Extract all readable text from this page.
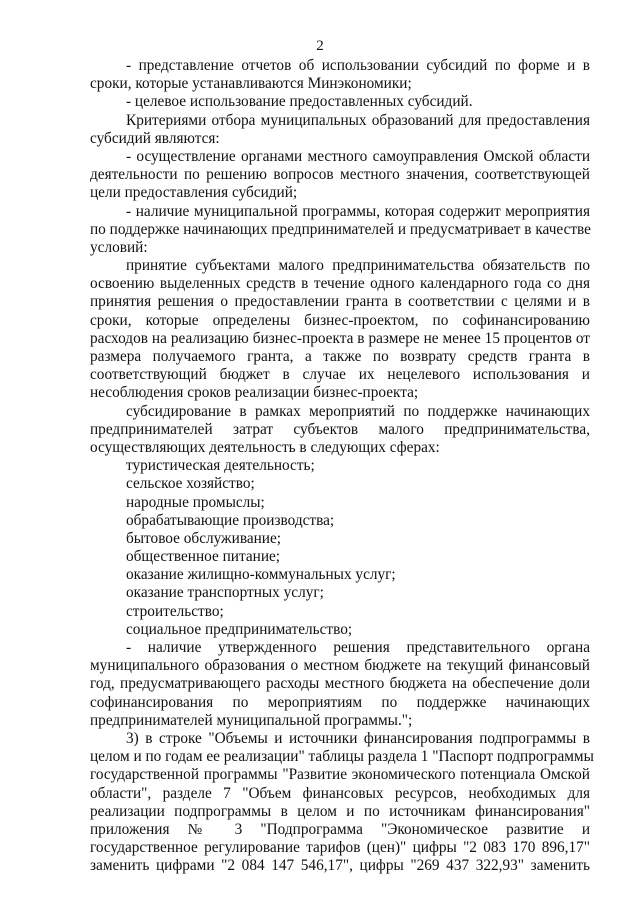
2
- представление отчетов об использовании субсидий по форме и в
сроки, которые устанавливаются Минэкономики;
- целевое использование предоставленных субсидий.
Критериями отбора муниципальных образований для предоставления
субсидий являются:
- осуществление органами местного самоуправления Омской области
деятельности по решению вопросов местного значения, соответствующей
цели предоставления субсидий;
- наличие муниципальной программы, которая содержит мероприятия
по поддержке начинающих предпринимателей и предусматривает в качестве
условий:
принятие субъектами малого предпринимательства обязательств по
освоению выделенных средств в течение одного календарного года со дня
принятия решения о предоставлении гранта в соответствии с целями и в
сроки, которые определены бизнес-проектом, по софинансированию
расходов на реализацию бизнес-проекта в размере не менее 15 процентов от
размера получаемого гранта, а также по возврату средств гранта в
соответствующий бюджет в случае их нецелевого использования и
несоблюдения сроков реализации бизнес-проекта;
субсидирование в рамках мероприятий по поддержке начинающих
предпринимателей затрат субъектов малого предпринимательства,
осуществляющих деятельность в следующих сферах:
туристическая деятельность;
сельское хозяйство;
народные промыслы;
обрабатывающие производства;
бытовое обслуживание;
общественное питание;
оказание жилищно-коммунальных услуг;
оказание транспортных услуг;
строительство;
социальное предпринимательство;
- наличие утвержденного решения представительного органа
муниципального образования о местном бюджете на текущий финансовый
год, предусматривающего расходы местного бюджета на обеспечение доли
софинансирования по мероприятиям по поддержке начинающих
предпринимателей муниципальной программы.";
3) в строке "Объемы и источники финансирования подпрограммы в
целом и по годам ее реализации" таблицы раздела 1 "Паспорт подпрограммы
государственной программы "Развитие экономического потенциала Омской
области", разделе 7 "Объем финансовых ресурсов, необходимых для
реализации подпрограммы в целом и по источникам финансирования"
приложения № 3 "Подпрограмма "Экономическое развитие и
государственное регулирование тарифов (цен)" цифры "2 083 170 896,17"
заменить цифрами "2 084 147 546,17", цифры "269 437 322,93" заменить
